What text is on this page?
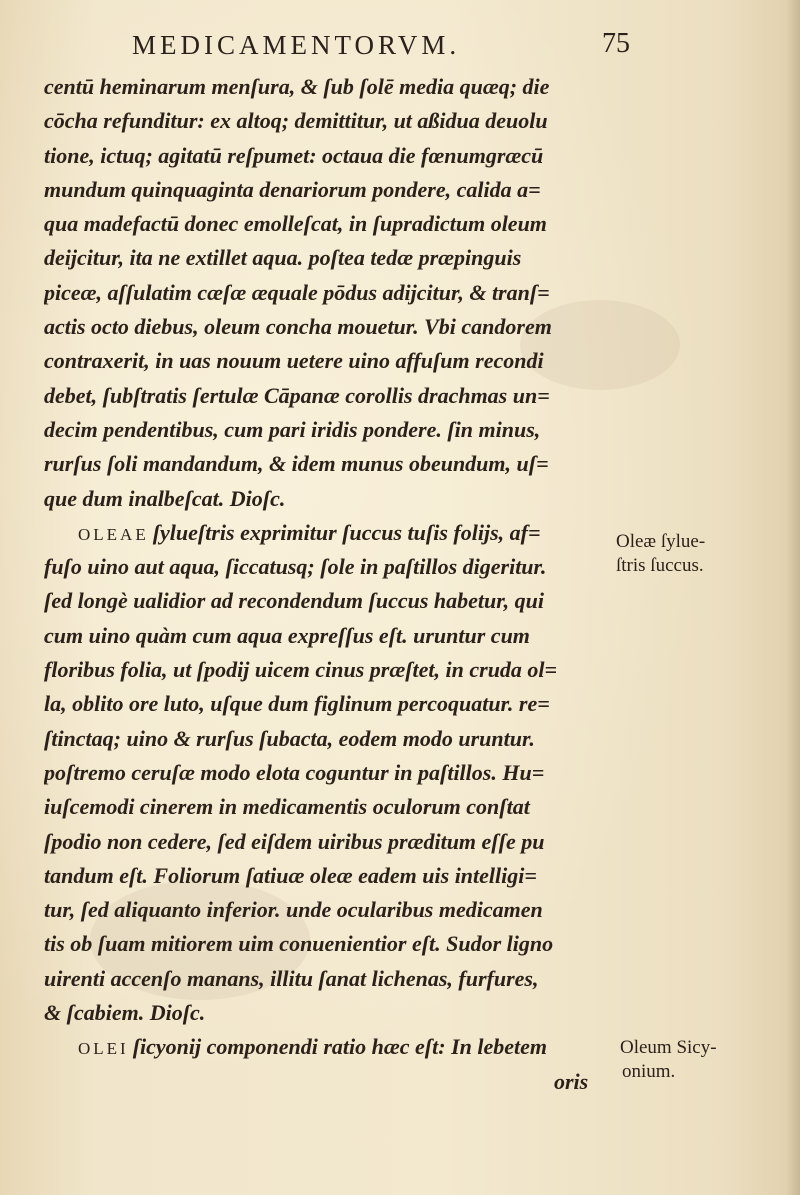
MEDICAMENTORVM.	75
centū heminarum menſura, & ſub ſolē media quæq; die
cōcha refunditur: ex altoq; demittitur, ut aßidua deuolu
tione, ictuq; agitatū reſpumet: octaua die fœnumgræcū
mundum quinquaginta denariorum pondere, calida a=
qua madefactū donec emolleſcat, in ſupradictum oleum
deijcitur, ita ne extillet aqua. poſtea tedæ præpinguis
piceæ, aſſulatim cæſæ æquale pōdus adijcitur, & tranſ=
actis octo diebus, oleum concha mouetur. Vbi candorem
contraxerit, in uas nouum uetere uino affuſum recondi
debet, ſubſtratis ſertulæ Cāpanæ corollis drachmas un=
decim pendentibus, cum pari iridis pondere. ſin minus,
rurſus ſoli mandandum, & idem munus obeundum, uſ=
que dum inalbeſcat. Dioſc.
OLEAE ſylueſtris exprimitur ſuccus tuſis folijs, af=
fuſo uino aut aqua, ſiccatusq; ſole in paſtillos digeritur.
ſed longè ualidior ad recondendum ſuccus habetur, qui
cum uino quàm cum aqua expreſſus eſt. uruntur cum
floribus folia, ut ſpodij uicem cinus præſtet, in cruda ol=
la, oblito ore luto, uſque dum figlinum percoquatur. re=
ſtinctaq; uino & rurſus ſubacta, eodem modo uruntur.
poſtremo ceruſæ modo elota coguntur in paſtillos. Hu=
iuſcemodi cinerem in medicamentis oculorum conſtat
ſpodio non cedere, ſed eiſdem uiribus præditum eſſe pu
tandum eſt. Foliorum ſatiuæ oleæ eadem uis intelligi=
tur, ſed aliquanto inferior. unde ocularibus medicamen
tis ob ſuam mitiorem uim conuenientior eſt. Sudor ligno
uirenti accenſo manans, illitu ſanat lichenas, furfures,
& ſcabiem. Dioſc.
OLEI ſicyonij componendi ratio hæc eſt: In lebetem
oris
Oleæ ſylue-
ſtris ſuccus.
Oleum Sicy-
onium.
